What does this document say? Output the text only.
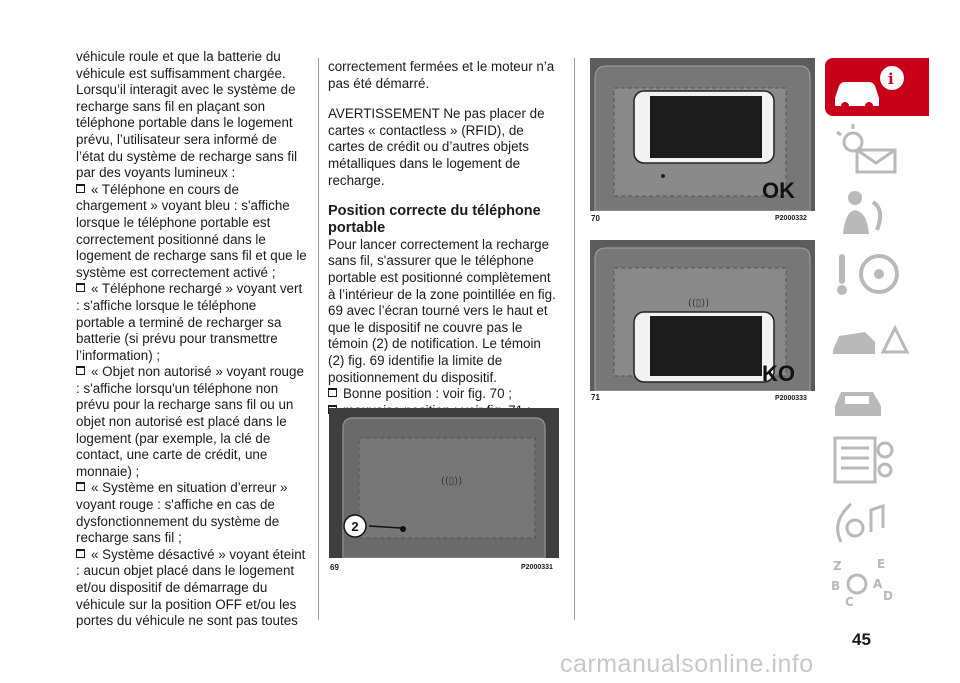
véhicule roule et que la batterie du véhicule est suffisamment chargée. Lorsqu’il interagit avec le système de recharge sans fil en plaçant son téléphone portable dans le logement prévu, l’utilisateur sera informé de l’état du système de recharge sans fil par des voyants lumineux :

« Téléphone en cours de chargement » voyant bleu : s'affiche lorsque le téléphone portable est correctement positionné dans le logement de recharge sans fil et que le système est correctement activé ;

« Téléphone rechargé » voyant vert : s'affiche lorsque le téléphone portable a terminé de recharger sa batterie (si prévu pour transmettre l’information) ;

« Objet non autorisé » voyant rouge : s'affiche lorsqu'un téléphone non prévu pour la recharge sans fil ou un objet non autorisé est placé dans le logement (par exemple, la clé de contact, une carte de crédit, une monnaie) ;

« Système en situation d’erreur » voyant rouge : s'affiche en cas de dysfonctionnement du système de recharge sans fil ;

« Système désactivé » voyant éteint : aucun objet placé dans le logement et/ou dispositif de démarrage du véhicule sur la position OFF et/ou les portes du véhicule ne sont pas toutes

correctement fermées et le moteur n’a pas été démarré.

AVERTISSEMENT Ne pas placer de cartes « contactless » (RFID), de cartes de crédit ou d’autres objets métalliques dans le logement de recharge.

Position correcte du téléphone portable

Pour lancer correctement la recharge sans fil, s'assurer que le téléphone portable est positionné complètement à l’intérieur de la zone pointillée en fig. 69 avec l’écran tourné vers le haut et que le dispositif ne couvre pas le témoin (2) de notification. Le témoin (2) fig. 69 identifie la limite de positionnement du dispositif.

Bonne position : voir fig. 70 ;

((▯))
2
69	P2000331
OK
70	P2000332
((▯))
KO
71	P2000333
i
Z	E
B	A
C D
45
carmanualsonline.info
